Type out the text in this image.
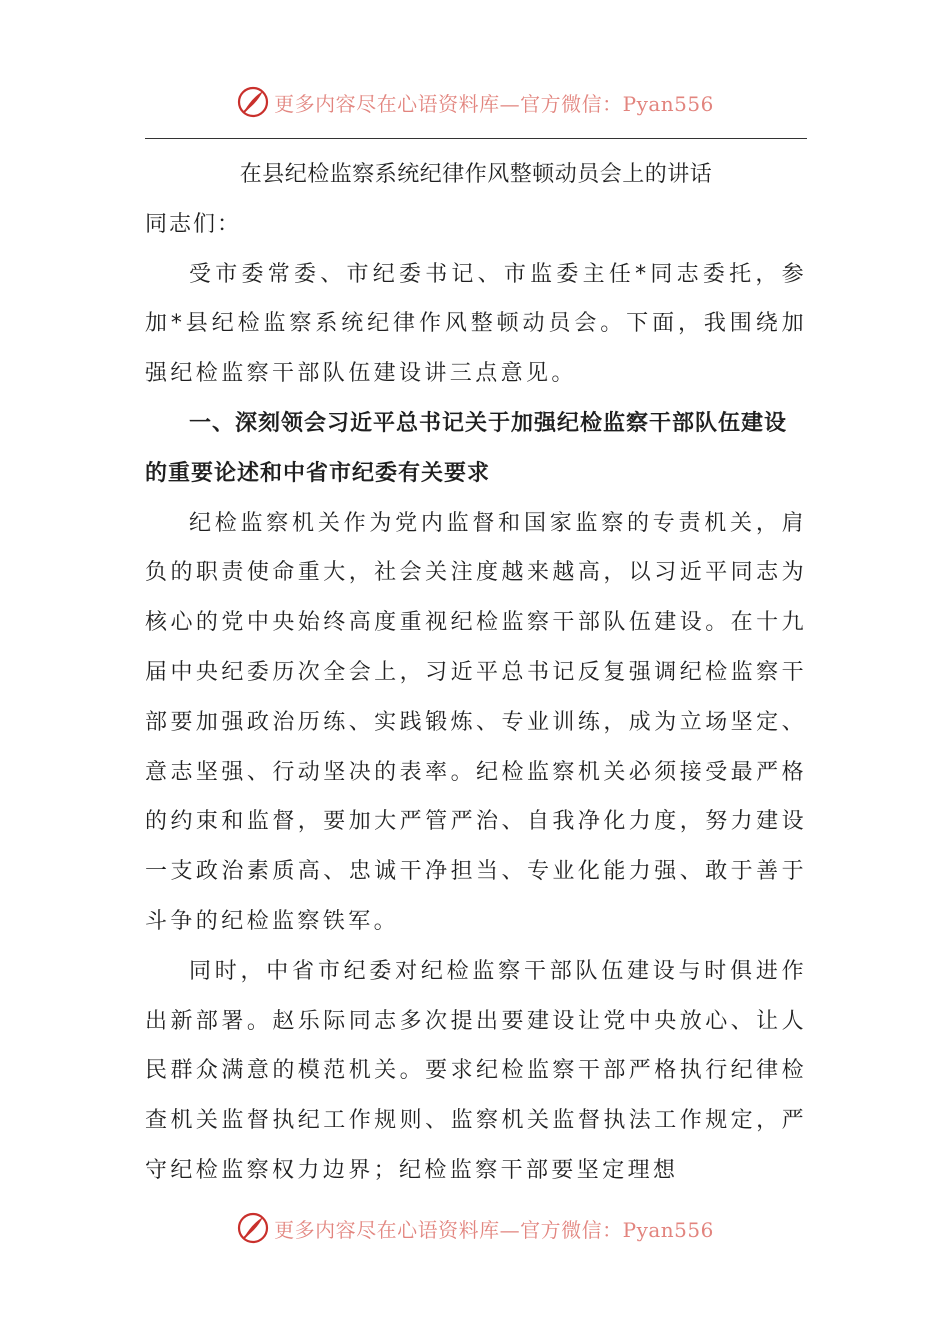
更多内容尽在心语资料库—官方微信：Pyan556
在县纪检监察系统纪律作风整顿动员会上的讲话
同志们：

受市委常委、市纪委书记、市监委主任*同志委托，参加*县纪检监察系统纪律作风整顿动员会。下面，我围绕加强纪检监察干部队伍建设讲三点意见。

一、深刻领会习近平总书记关于加强纪检监察干部队伍建设的重要论述和中省市纪委有关要求

纪检监察机关作为党内监督和国家监察的专责机关，肩负的职责使命重大，社会关注度越来越高，以习近平同志为核心的党中央始终高度重视纪检监察干部队伍建设。在十九届中央纪委历次全会上，习近平总书记反复强调纪检监察干部要加强政治历练、实践锻炼、专业训练，成为立场坚定、意志坚强、行动坚决的表率。纪检监察机关必须接受最严格的约束和监督，要加大严管严治、自我净化力度，努力建设一支政治素质高、忠诚干净担当、专业化能力强、敢于善于斗争的纪检监察铁军。

同时，中省市纪委对纪检监察干部队伍建设与时俱进作出新部署。赵乐际同志多次提出要建设让党中央放心、让人民群众满意的模范机关。要求纪检监察干部严格执行纪律检查机关监督执纪工作规则、监察机关监督执法工作规定，严守纪检监察权力边界；纪检监察干部要坚定理想

更多内容尽在心语资料库—官方微信：Pyan556
